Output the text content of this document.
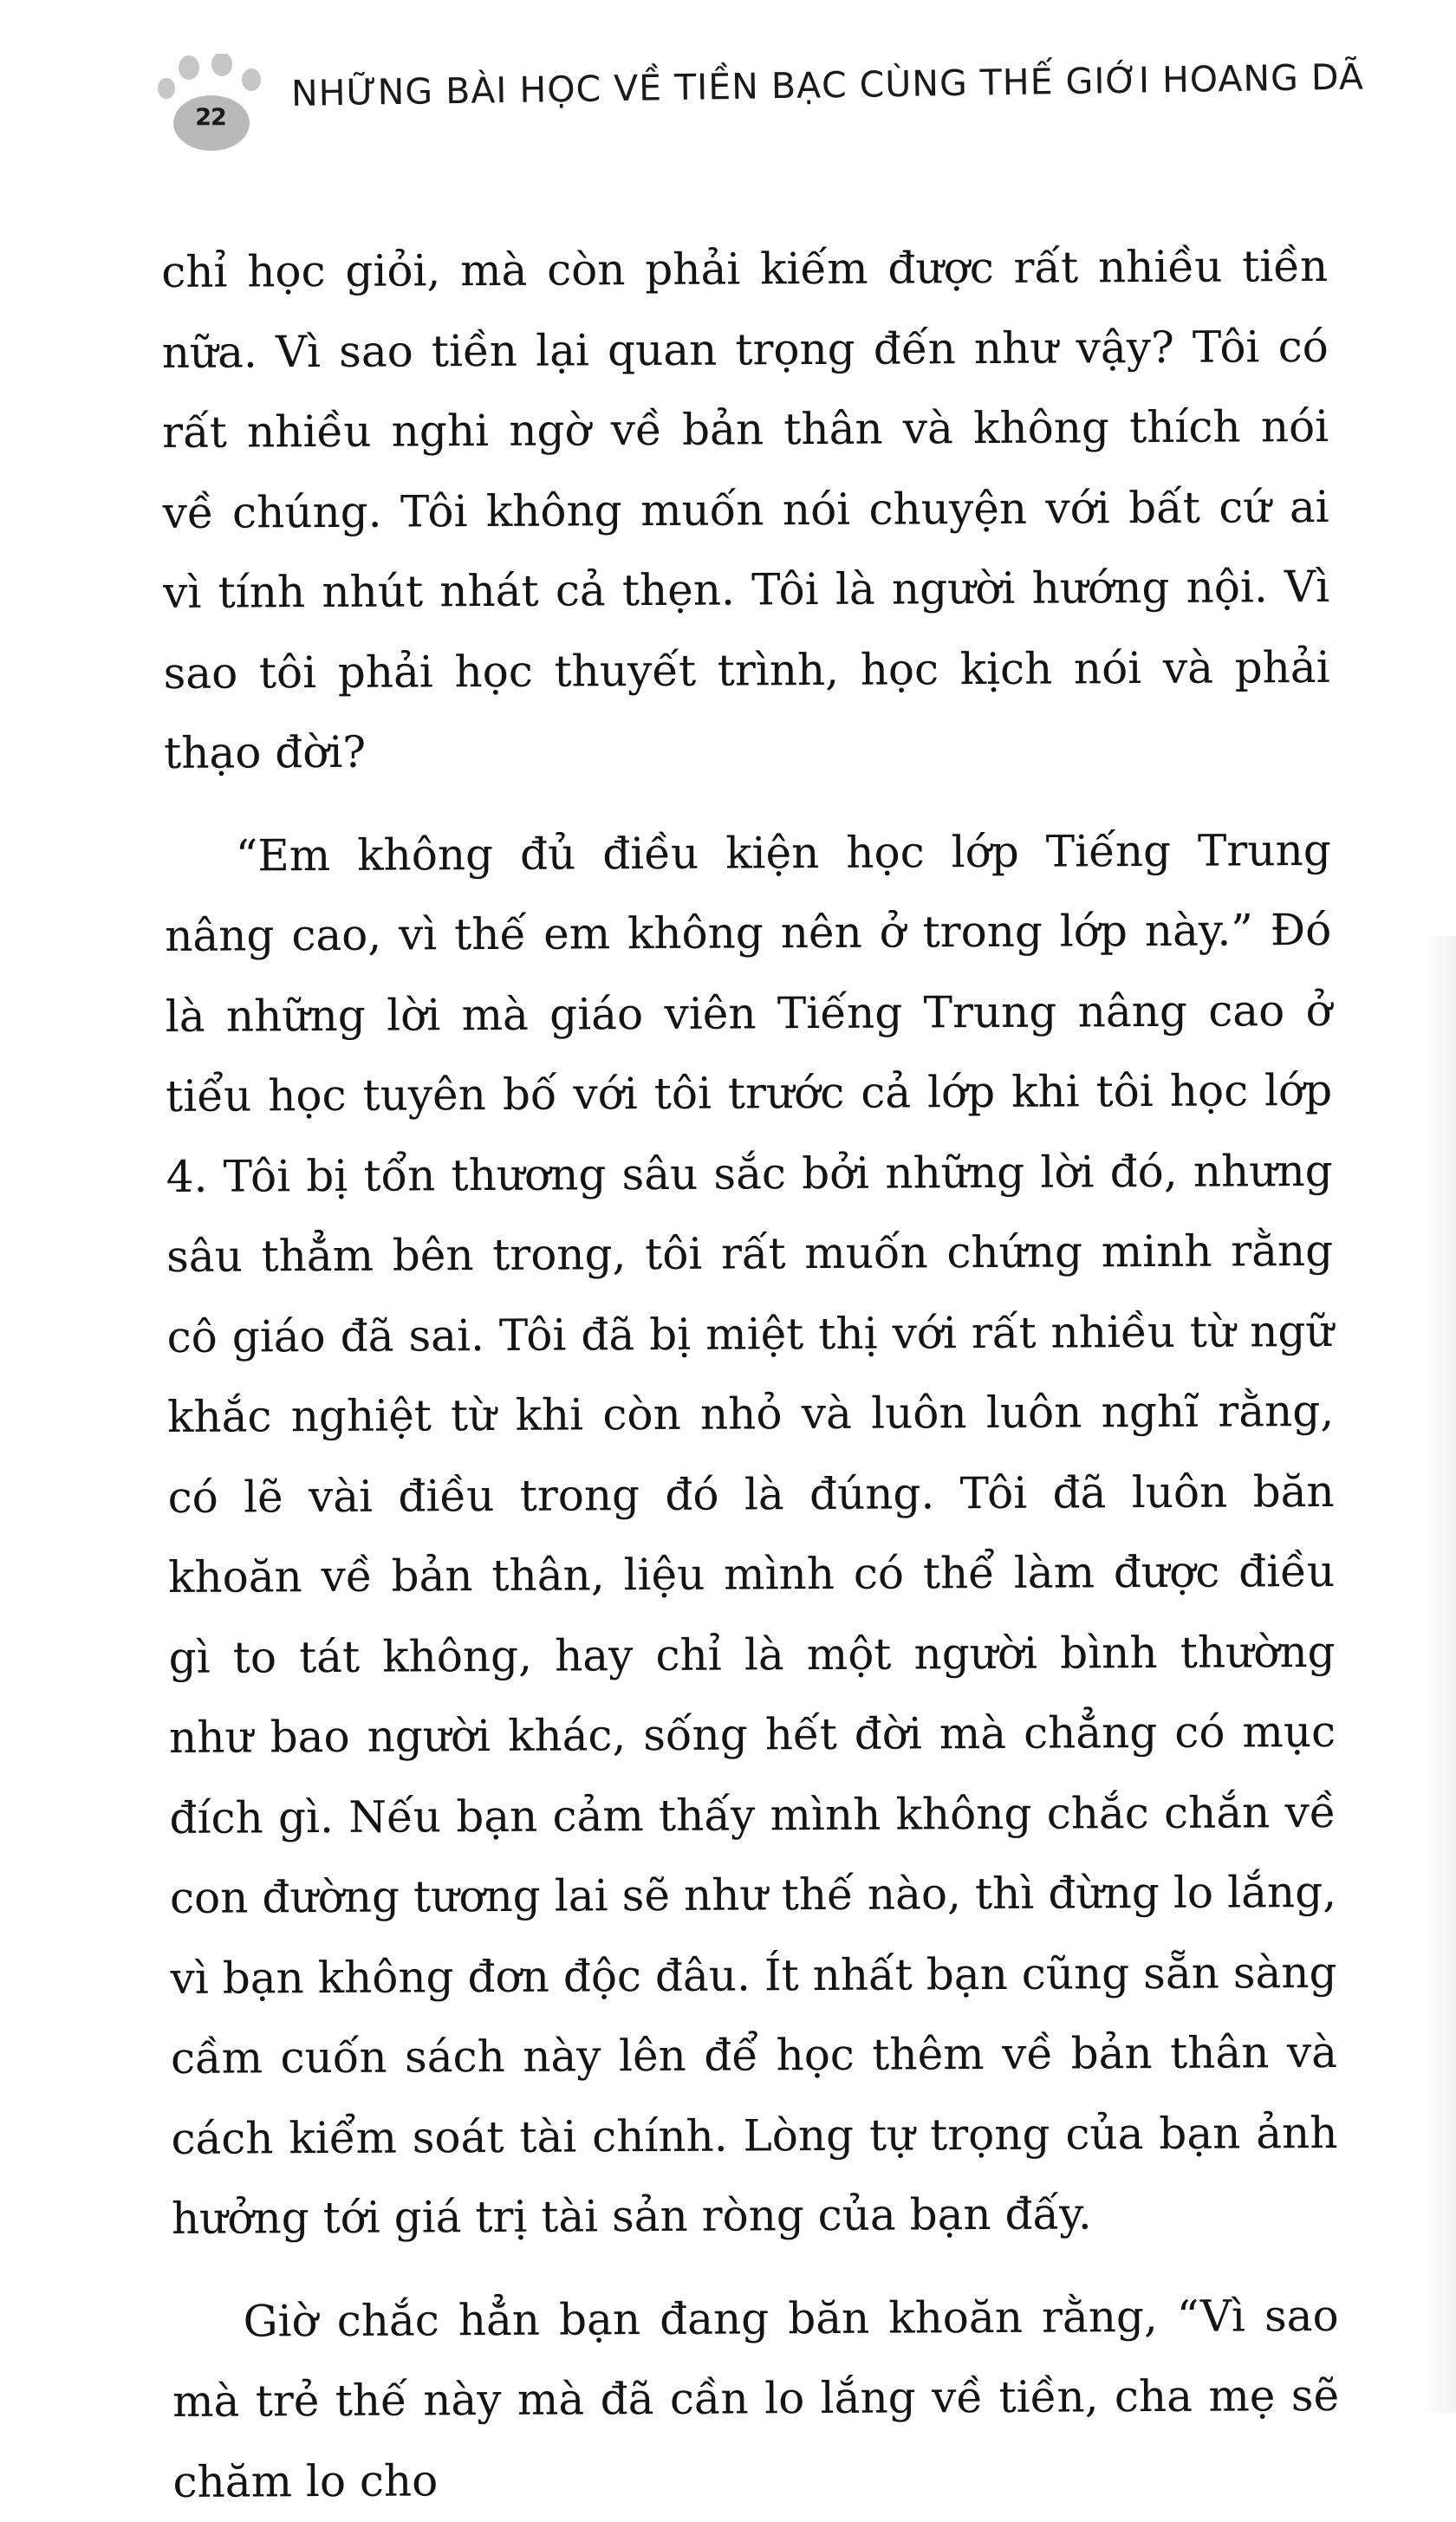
22
NHỮNG BÀI HỌC VỀ TIỀN BẠC CÙNG THẾ GIỚI HOANG DÃ

chỉ học giỏi, mà còn phải kiếm được rất nhiều tiền nữa. Vì sao tiền lại quan trọng đến như vậy? Tôi có rất nhiều nghi ngờ về bản thân và không thích nói về chúng. Tôi không muốn nói chuyện với bất cứ ai vì tính nhút nhát cả thẹn. Tôi là người hướng nội. Vì sao tôi phải học thuyết trình, học kịch nói và phải thạo đời?

“Em không đủ điều kiện học lớp Tiếng Trung nâng cao, vì thế em không nên ở trong lớp này.” Đó là những lời mà giáo viên Tiếng Trung nâng cao ở tiểu học tuyên bố với tôi trước cả lớp khi tôi học lớp 4. Tôi bị tổn thương sâu sắc bởi những lời đó, nhưng sâu thẳm bên trong, tôi rất muốn chứng minh rằng cô giáo đã sai. Tôi đã bị miệt thị với rất nhiều từ ngữ khắc nghiệt từ khi còn nhỏ và luôn luôn nghĩ rằng, có lẽ vài điều trong đó là đúng. Tôi đã luôn băn khoăn về bản thân, liệu mình có thể làm được điều gì to tát không, hay chỉ là một người bình thường như bao người khác, sống hết đời mà chẳng có mục đích gì. Nếu bạn cảm thấy mình không chắc chắn về con đường tương lai sẽ như thế nào, thì đừng lo lắng, vì bạn không đơn độc đâu. Ít nhất bạn cũng sẵn sàng cầm cuốn sách này lên để học thêm về bản thân và cách kiểm soát tài chính. Lòng tự trọng của bạn ảnh hưởng tới giá trị tài sản ròng của bạn đấy.

Giờ chắc hẳn bạn đang băn khoăn rằng, “Vì sao mà trẻ thế này mà đã cần lo lắng về tiền, cha mẹ sẽ chăm lo cho
